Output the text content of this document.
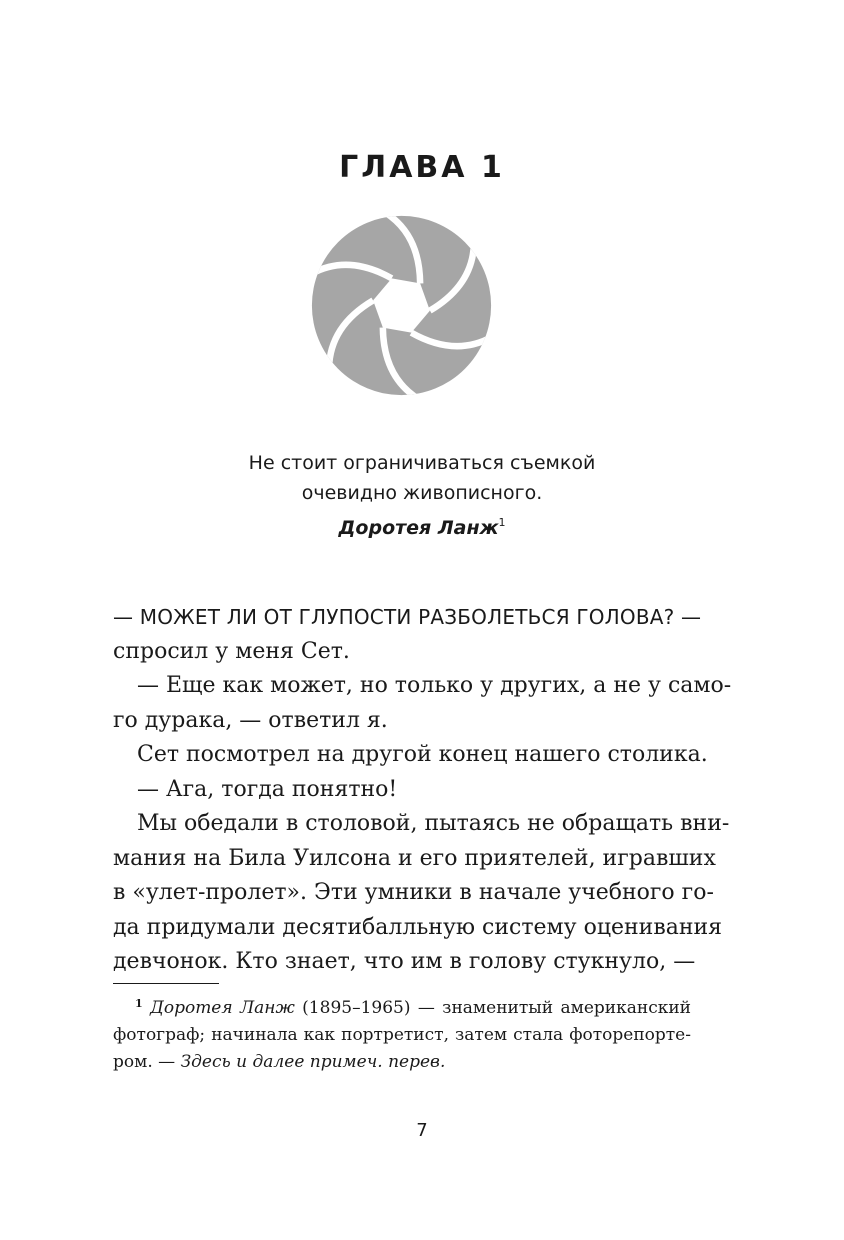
ГЛАВА 1
Не стоит ограничиваться съемкой
очевидно живописного.
Доротея Ланж$^1$
— МОЖЕТ ЛИ ОТ ГЛУПОСТИ РАЗБОЛЕТЬСЯ ГОЛОВА? —
спросил у меня Сет.
— Еще как может, но только у других, а не у само-
го дурака, — ответил я.
Сет посмотрел на другой конец нашего столика.
— Ага, тогда понятно!
Мы обедали в столовой, пытаясь не обращать вни-
мания на Била Уилсона и его приятелей, игравших
в «улет-пролет». Эти умники в начале учебного го-
да придумали десятибалльную систему оценивания
девчонок. Кто знает, что им в голову стукнуло, —
$^1$ Доротея Ланж (1895–1965) — знаменитый американский
фотограф; начинала как портретист, затем стала фоторепорте-
ром. — Здесь и далее примеч. перев.
7
